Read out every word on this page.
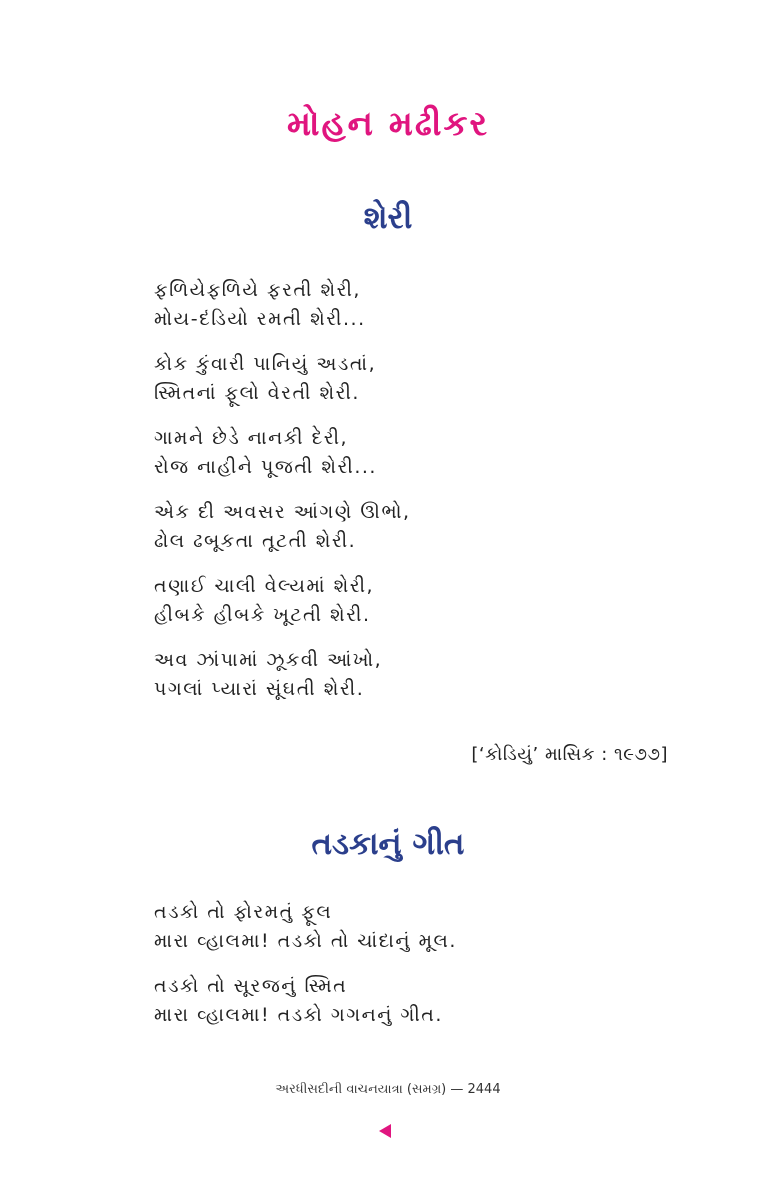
મોહન મઢીકર
શેરી
ફળિયેફળિયે ફરતી શેરી,
મોય-દંડિયો રમતી શેરી...
કોક કુંવારી પાનિયું અડતાં,
સ્મિતનાં ફૂલો વેરતી શેરી.
ગામને છેડે નાનકી દેરી,
રોજ નાહીને પૂજતી શેરી...
એક દી અવસર આંગણે ઊભો,
ઢોલ ઢબૂકતા તૂટતી શેરી.
તણાઈ ચાલી વેલ્યમાં શેરી,
હીબકે હીબકે ખૂટતી શેરી.
અવ ઝાંપામાં ઝૂકવી આંખો,
પગલાં પ્યારાં સૂંઘતી શેરી.
[‘કોડિયું’ માસિક : ૧૯૭૭]
તડકાનું ગીત
તડકો તો ફોરમતું ફૂલ
મારા વ્હાલમા! તડકો તો ચાંદાનું મૂલ.
તડકો તો સૂરજનું સ્મિત
મારા વ્હાલમા! તડકો ગગનનું ગીત.
અરધીસદીની વાચનયાત્રા (સમગ્ર) — 2444
